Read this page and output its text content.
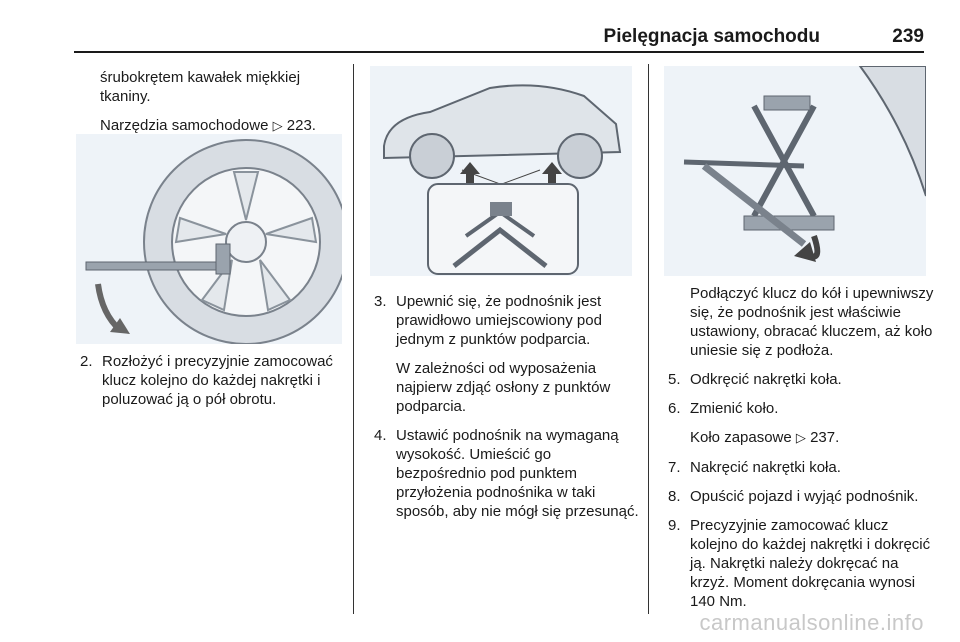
Pielęgnacja samochodu	239

śrubokrętem kawałek miękkiej tkaniny.

Narzędzia samochodowe ▷ 223.

2. Rozłożyć i precyzyjnie zamocować klucz kolejno do każdej nakrętki i poluzować ją o pół obrotu.
3. Upewnić się, że podnośnik jest prawidłowo umiejscowiony pod jednym z punktów podparcia.
W zależności od wyposażenia najpierw zdjąć osłony z punktów podparcia.
4. Ustawić podnośnik na wymaganą wysokość. Umieścić go bezpośrednio pod punktem przyłożenia podnośnika w taki sposób, aby nie mógł się przesunąć.

Podłączyć klucz do kół i upewniwszy się, że podnośnik jest właściwie ustawiony, obracać kluczem, aż koło uniesie się z podłoża.

5. Odkręcić nakrętki koła.
6. Zmienić koło.
Koło zapasowe ▷ 237.
7. Nakręcić nakrętki koła.
8. Opuścić pojazd i wyjąć podnośnik.
9. Precyzyjnie zamocować klucz kolejno do każdej nakrętki i dokręcić ją. Nakrętki należy dokręcać na krzyż. Moment dokręcania wynosi 140 Nm.
carmanualsonline.info
